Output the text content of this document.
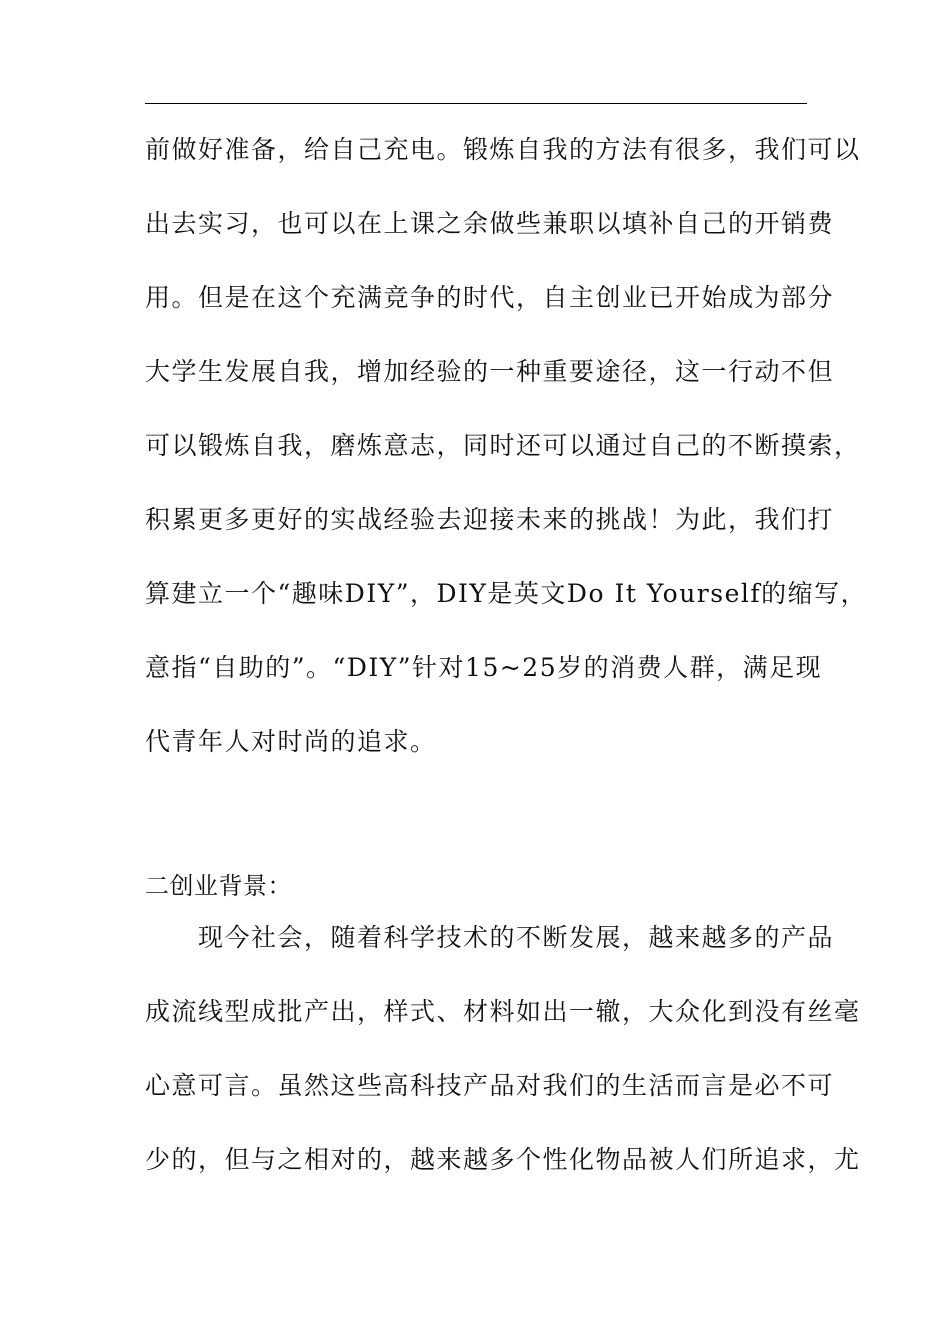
前做好准备，给自己充电。锻炼自我的方法有很多，我们可以
出去实习，也可以在上课之余做些兼职以填补自己的开销费
用。但是在这个充满竞争的时代，自主创业已开始成为部分
大学生发展自我，增加经验的一种重要途径，这一行动不但
可以锻炼自我，磨炼意志，同时还可以通过自己的不断摸索，
积累更多更好的实战经验去迎接未来的挑战！为此，我们打
算建立一个“趣味DIY”，DIY是英文Do It Yourself的缩写，
意指“自助的”。“DIY”针对15~25岁的消费人群，满足现
代青年人对时尚的追求。
二创业背景：
　　现今社会，随着科学技术的不断发展，越来越多的产品
成流线型成批产出，样式、材料如出一辙，大众化到没有丝毫
心意可言。虽然这些高科技产品对我们的生活而言是必不可
少的，但与之相对的，越来越多个性化物品被人们所追求，尤
